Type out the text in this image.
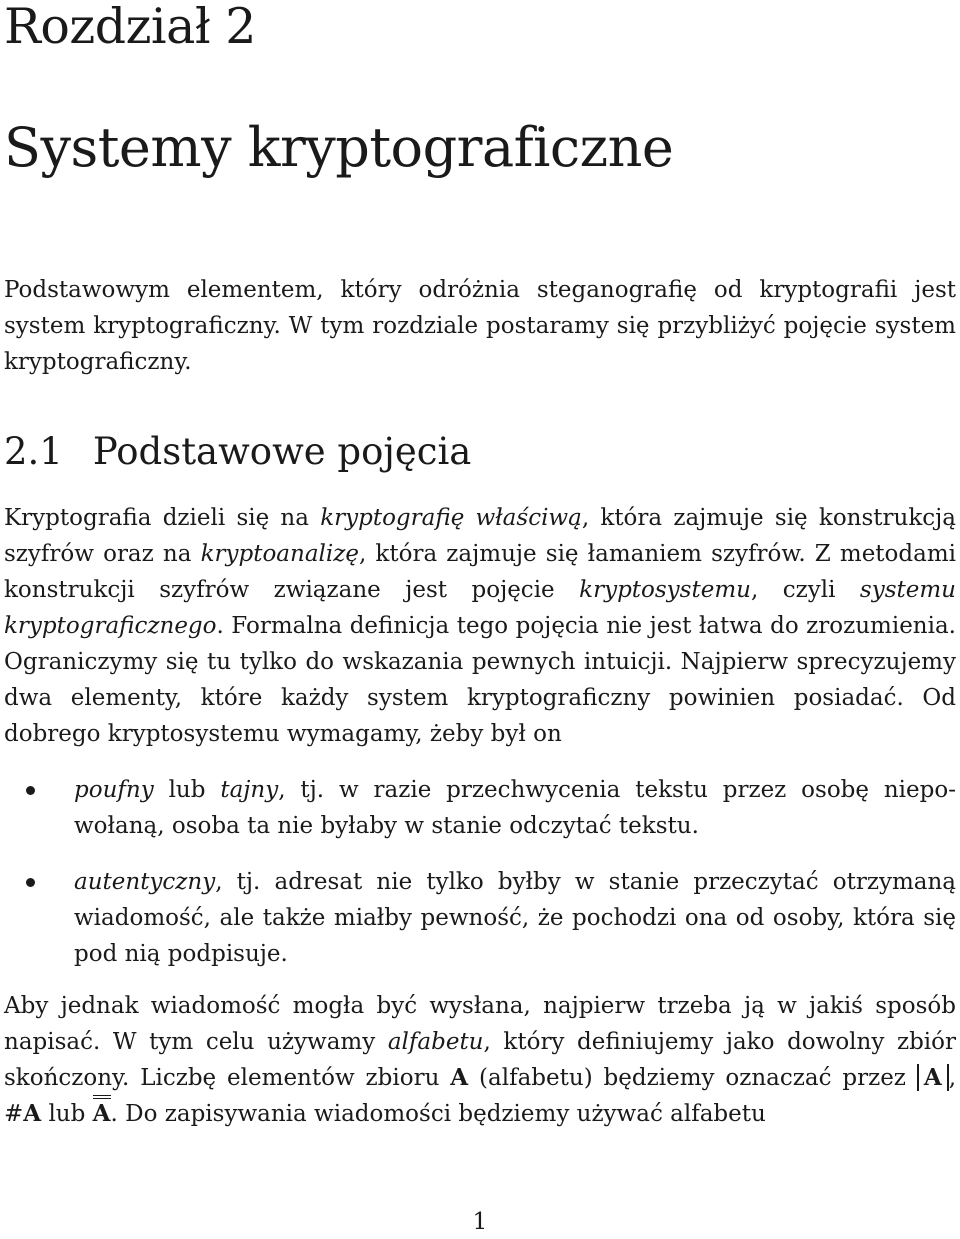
Rozdział 2
Systemy kryptograficzne

Podstawowym elementem, który odróżnia steganografię od kryptografii jest system kryptograficzny. W tym rozdziale postaramy się przybliżyć pojęcie system kryptograficzny.

2.1 Podstawowe pojęcia

Kryptografia dzieli się na kryptografię właściwą, która zajmuje się konstrukcją szyfrów oraz na kryptoanalizę, która zajmuje się łamaniem szyfrów. Z metodami konstrukcji szyfrów związane jest pojęcie kryptosystemu, czyli systemu kryptograficznego. Formalna definicja tego pojęcia nie jest łatwa do zrozumienia. Ograniczymy się tu tylko do wskazania pewnych intuicji. Najpierw sprecyzujemy dwa elementy, które każdy system kryptograficzny powinien posiadać. Od dobrego kryptosystemu wymagamy, żeby był on

poufny lub tajny, tj. w razie przechwycenia tekstu przez osobę niepowołaną, osoba ta nie byłaby w stanie odczytać tekstu.
autentyczny, tj. adresat nie tylko byłby w stanie przeczytać otrzymaną wiadomość, ale także miałby pewność, że pochodzi ona od osoby, która się pod nią podpisuje.

Aby jednak wiadomość mogła być wysłana, najpierw trzeba ją w jakiś sposób napisać. W tym celu używamy alfabetu, który definiujemy jako dowolny zbiór skończony. Liczbę elementów zbioru A (alfabetu) będziemy oznaczać przez A , #A lub A. Do zapisywania wiadomości będziemy używać alfabetu

1
